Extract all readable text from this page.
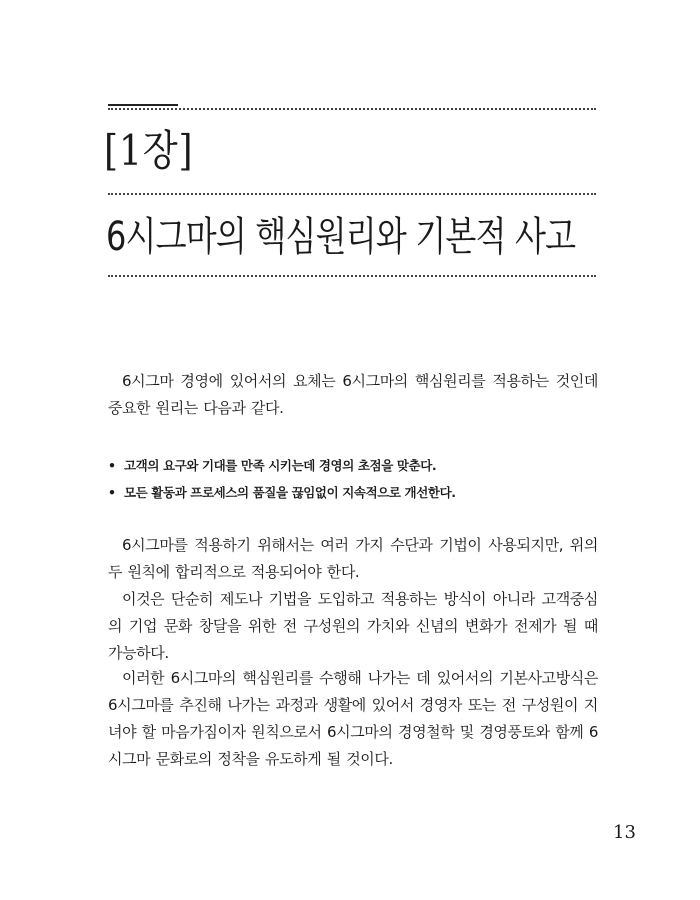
[1장]
6시그마의 핵심원리와 기본적 사고

6시그마 경영에 있어서의 요체는 6시그마의 핵심원리를 적용하는 것인데 중요한 원리는 다음과 같다.

• 고객의 요구와 기대를 만족 시키는데 경영의 초점을 맞춘다.
• 모든 활동과 프로세스의 품질을 끊임없이 지속적으로 개선한다.

6시그마를 적용하기 위해서는 여러 가지 수단과 기법이 사용되지만, 위의 두 원칙에 합리적으로 적용되어야 한다.

이것은 단순히 제도나 기법을 도입하고 적용하는 방식이 아니라 고객중심의 기업 문화 창달을 위한 전 구성원의 가치와 신념의 변화가 전제가 될 때 가능하다.

이러한 6시그마의 핵심원리를 수행해 나가는 데 있어서의 기본사고방식은 6시그마를 추진해 나가는 과정과 생활에 있어서 경영자 또는 전 구성원이 지녀야 할 마음가짐이자 원칙으로서 6시그마의 경영철학 및 경영풍토와 함께 6시그마 문화로의 정착을 유도하게 될 것이다.

13
